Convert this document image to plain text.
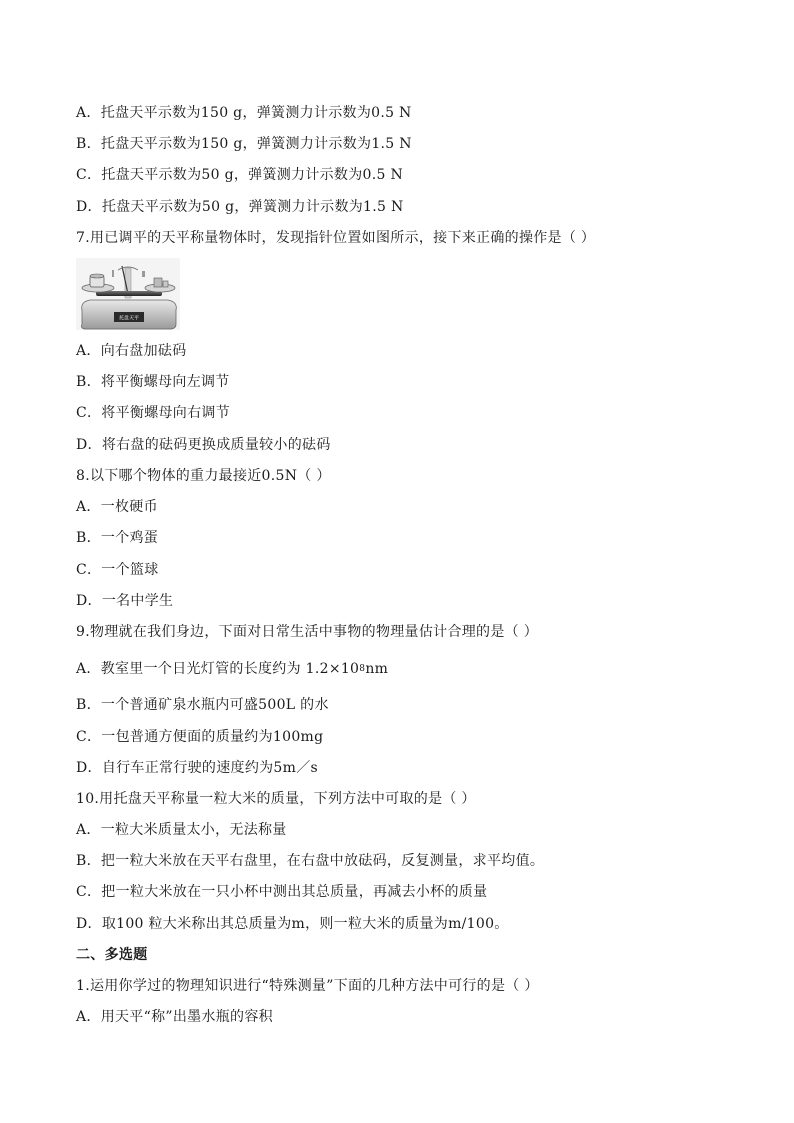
A．托盘天平示数为150 g，弹簧测力计示数为0.5 N
B．托盘天平示数为150 g，弹簧测力计示数为1.5 N
C．托盘天平示数为50 g，弹簧测力计示数为0.5 N
D．托盘天平示数为50 g，弹簧测力计示数为1.5 N
7.用已调平的天平称量物体时，发现指针位置如图所示，接下来正确的操作是（ ）
托盘天平
A．向右盘加砝码
B．将平衡螺母向左调节
C．将平衡螺母向右调节
D．将右盘的砝码更换成质量较小的砝码
8.以下哪个物体的重力最接近0.5N（ ）
A．一枚硬币
B．一个鸡蛋
C．一个篮球
D．一名中学生
9.物理就在我们身边，下面对日常生活中事物的物理量估计合理的是（ ）
A．教室里一个日光灯管的长度约为 $1.2\times 10^8nm$
B．一个普通矿泉水瓶内可盛500L 的水
C．一包普通方便面的质量约为100mg
D．自行车正常行驶的速度约为5m／s
10.用托盘天平称量一粒大米的质量，下列方法中可取的是（ ）
A．一粒大米质量太小，无法称量
B．把一粒大米放在天平右盘里，在右盘中放砝码，反复测量，求平均值。
C．把一粒大米放在一只小杯中测出其总质量，再减去小杯的质量
D．取100 粒大米称出其总质量为m，则一粒大米的质量为m/100。
二、多选题
1.运用你学过的物理知识进行“特殊测量”下面的几种方法中可行的是（ ）
A．用天平“称”出墨水瓶的容积
